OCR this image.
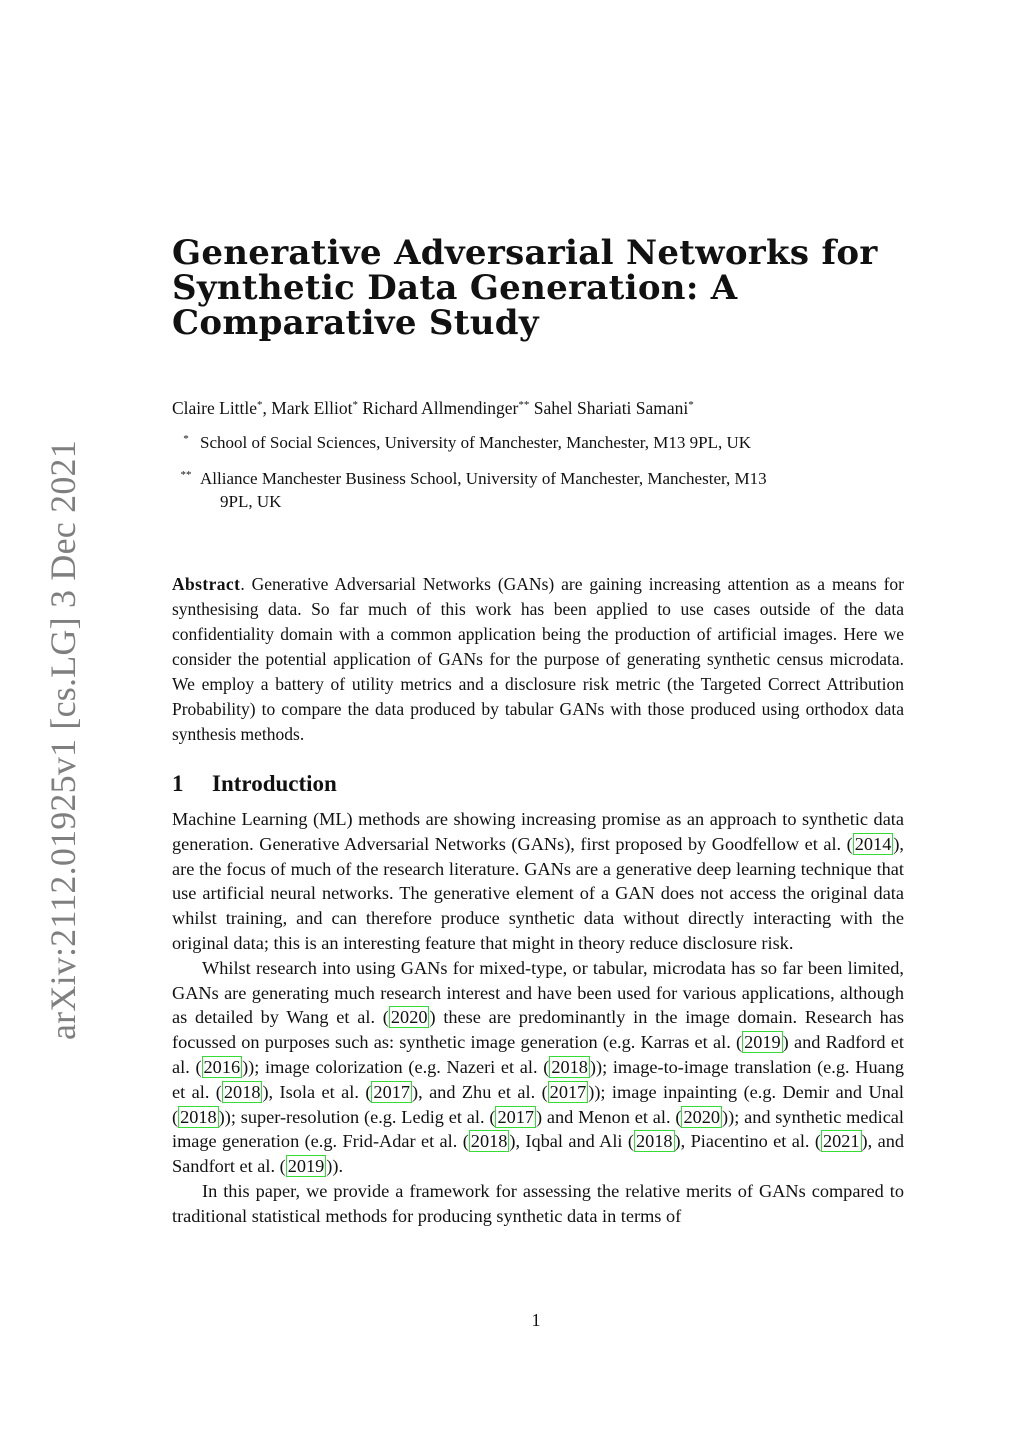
arXiv:2112.01925v1 [cs.LG] 3 Dec 2021
Generative Adversarial Networks for
Synthetic Data Generation: A
Comparative Study
Claire Little*, Mark Elliot* Richard Allmendinger** Sahel Shariati Samani*
* School of Social Sciences, University of Manchester, Manchester, M13 9PL, UK
** Alliance Manchester Business School, University of Manchester, Manchester, M13
9PL, UK

Abstract. Generative Adversarial Networks (GANs) are gaining increasing attention as a means for synthesising data. So far much of this work has been applied to use cases outside of the data confidentiality domain with a common application being the production of artificial images. Here we consider the potential application of GANs for the purpose of generating synthetic census microdata. We employ a battery of utility metrics and a disclosure risk metric (the Targeted Correct Attribution Probability) to compare the data produced by tabular GANs with those produced using orthodox data synthesis methods.

1 Introduction

Machine Learning (ML) methods are showing increasing promise as an approach to synthetic data generation. Generative Adversarial Networks (GANs), first proposed by Goodfellow et al. ( 2014 ), are the focus of much of the research literature. GANs are a generative deep learning technique that use artificial neural networks. The generative element of a GAN does not access the original data whilst training, and can therefore produce synthetic data without directly interacting with the original data; this is an interesting feature that might in theory reduce disclosure risk.

Whilst research into using GANs for mixed-type, or tabular, microdata has so far been limited, GANs are generating much research interest and have been used for various applications, although as detailed by Wang et al. ( 2020 ) these are predominantly in the image domain. Research has focussed on purposes such as: synthetic image generation (e.g. Karras et al. ( 2019 ) and Radford et al. ( 2016 )); image colorization (e.g. Nazeri et al. ( 2018 )); image-to-image translation (e.g. Huang et al. ( 2018 ), Isola et al. ( 2017 ), and Zhu et al. ( 2017 )); image inpainting (e.g. Demir and Unal ( 2018 )); super-resolution (e.g. Ledig et al. ( 2017 ) and Menon et al. ( 2020 )); and synthetic medical image generation (e.g. Frid-Adar et al. ( 2018 ), Iqbal and Ali ( 2018 ), Piacentino et al. ( 2021 ), and Sandfort et al. ( 2019 )).

In this paper, we provide a framework for assessing the relative merits of GANs compared to traditional statistical methods for producing synthetic data in terms of

1
